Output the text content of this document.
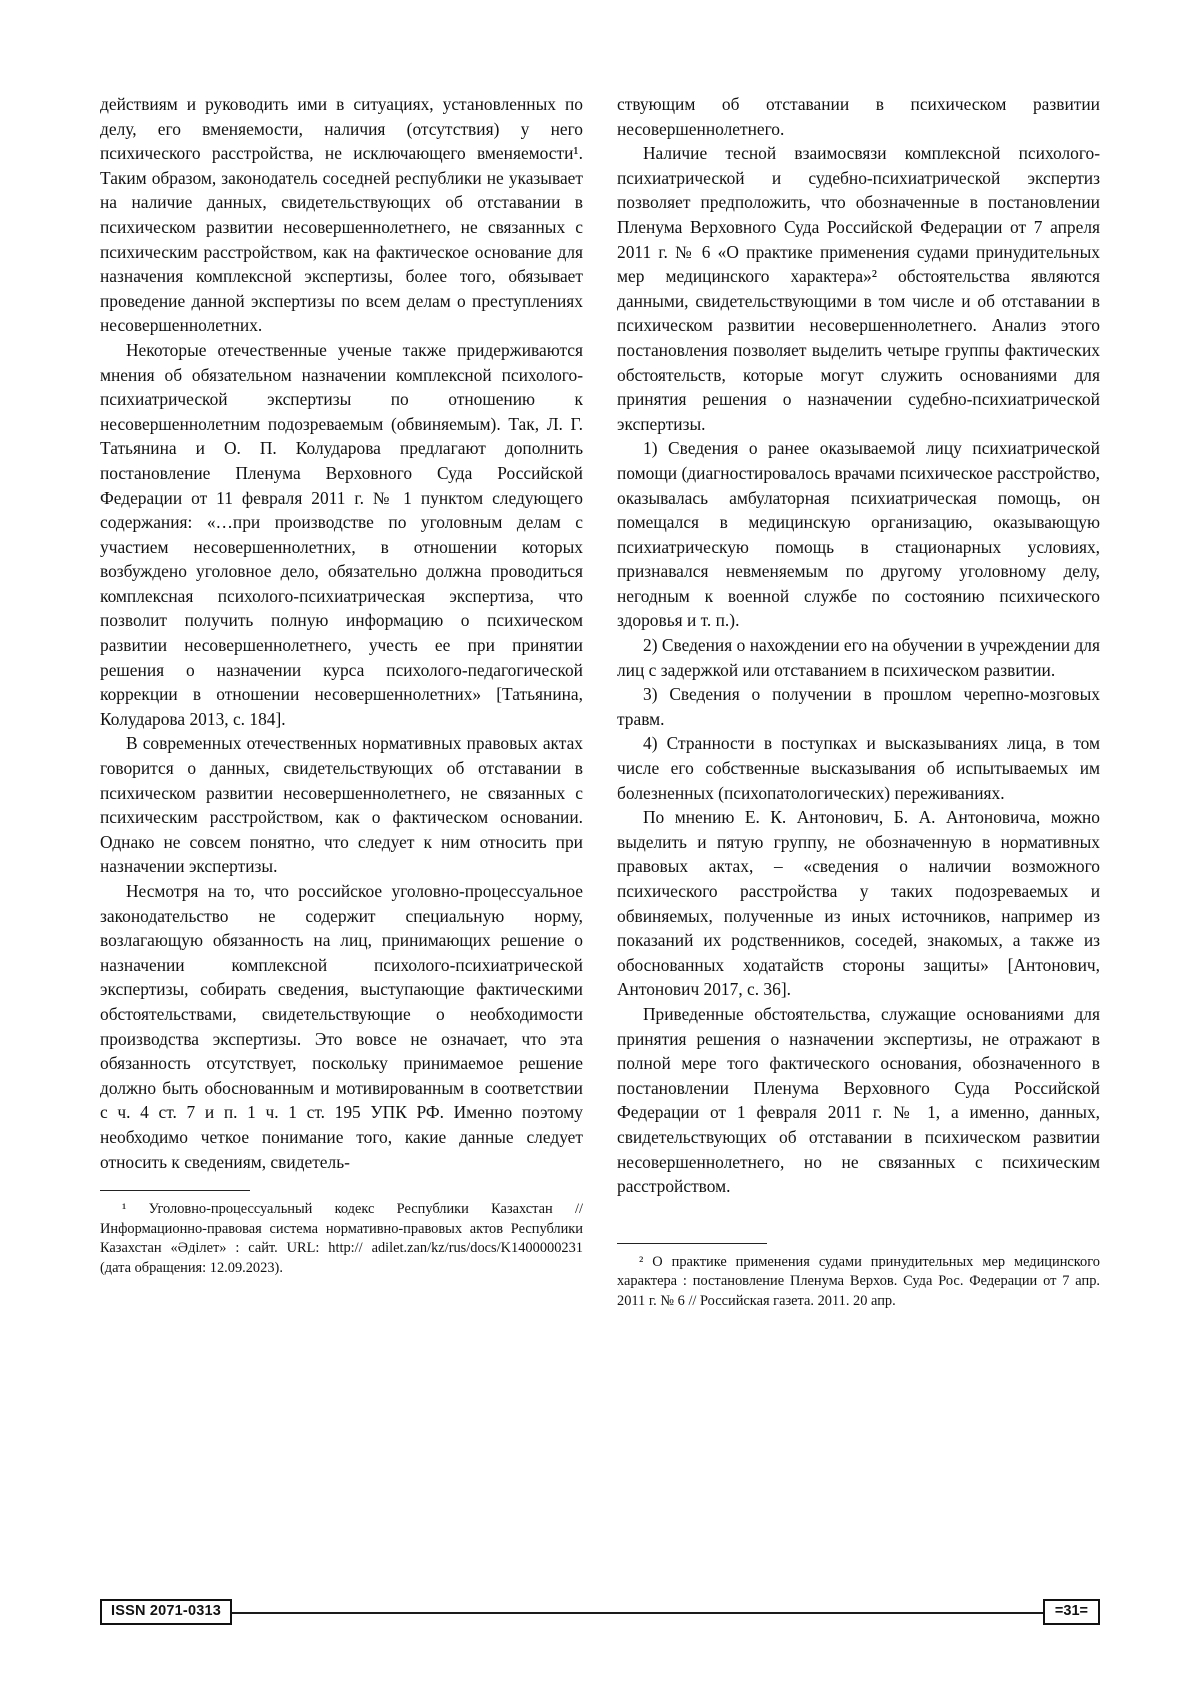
действиям и руководить ими в ситуациях, установленных по делу, его вменяемости, наличия (отсутствия) у него психического расстройства, не исключающего вменяемости¹. Таким образом, законодатель соседней республики не указывает на наличие данных, свидетельствующих об отставании в психическом развитии несовершеннолетнего, не связанных с психическим расстройством, как на фактическое основание для назначения комплексной экспертизы, более того, обязывает проведение данной экспертизы по всем делам о преступлениях несовершеннолетних.

Некоторые отечественные ученые также придерживаются мнения об обязательном назначении комплексной психолого-психиатрической экспертизы по отношению к несовершеннолетним подозреваемым (обвиняемым). Так, Л. Г. Татьянина и О. П. Колударова предлагают дополнить постановление Пленума Верховного Суда Российской Федерации от 11 февраля 2011 г. № 1 пунктом следующего содержания: «…при производстве по уголовным делам с участием несовершеннолетних, в отношении которых возбуждено уголовное дело, обязательно должна проводиться комплексная психолого-психиатрическая экспертиза, что позволит получить полную информацию о психическом развитии несовершеннолетнего, учесть ее при принятии решения о назначении курса психолого-педагогической коррекции в отношении несовершеннолетних» [Татьянина, Колударова 2013, с. 184].

В современных отечественных нормативных правовых актах говорится о данных, свидетельствующих об отставании в психическом развитии несовершеннолетнего, не связанных с психическим расстройством, как о фактическом основании. Однако не совсем понятно, что следует к ним относить при назначении экспертизы.

Несмотря на то, что российское уголовно-процессуальное законодательство не содержит специальную норму, возлагающую обязанность на лиц, принимающих решение о назначении комплексной психолого-психиатрической экспертизы, собирать сведения, выступающие фактическими обстоятельствами, свидетельствующие о необходимости производства экспертизы. Это вовсе не означает, что эта обязанность отсутствует, поскольку принимаемое решение должно быть обоснованным и мотивированным в соответствии с ч. 4 ст. 7 и п. 1 ч. 1 ст. 195 УПК РФ. Именно поэтому необходимо четкое понимание того, какие данные следует относить к сведениям, свидетель-

¹ Уголовно-процессуальный кодекс Республики Казахстан // Информационно-правовая система нормативно-правовых актов Республики Казахстан «Әділет» : сайт. URL: http:// adilet.zan/kz/rus/docs/K1400000231 (дата обращения: 12.09.2023).

ствующим об отставании в психическом развитии несовершеннолетнего.

Наличие тесной взаимосвязи комплексной психолого-психиатрической и судебно-психиатрической экспертиз позволяет предположить, что обозначенные в постановлении Пленума Верховного Суда Российской Федерации от 7 апреля 2011 г. № 6 «О практике применения судами принудительных мер медицинского характера»² обстоятельства являются данными, свидетельствующими в том числе и об отставании в психическом развитии несовершеннолетнего. Анализ этого постановления позволяет выделить четыре группы фактических обстоятельств, которые могут служить основаниями для принятия решения о назначении судебно-психиатрической экспертизы.

1) Сведения о ранее оказываемой лицу психиатрической помощи (диагностировалось врачами психическое расстройство, оказывалась амбулаторная психиатрическая помощь, он помещался в медицинскую организацию, оказывающую психиатрическую помощь в стационарных условиях, признавался невменяемым по другому уголовному делу, негодным к военной службе по состоянию психического здоровья и т. п.).

2) Сведения о нахождении его на обучении в учреждении для лиц с задержкой или отставанием в психическом развитии.

3) Сведения о получении в прошлом черепно-мозговых травм.

4) Странности в поступках и высказываниях лица, в том числе его собственные высказывания об испытываемых им болезненных (психопатологических) переживаниях.

По мнению Е. К. Антонович, Б. А. Антоновича, можно выделить и пятую группу, не обозначенную в нормативных правовых актах, – «сведения о наличии возможного психического расстройства у таких подозреваемых и обвиняемых, полученные из иных источников, например из показаний их родственников, соседей, знакомых, а также из обоснованных ходатайств стороны защиты» [Антонович, Антонович 2017, с. 36].

Приведенные обстоятельства, служащие основаниями для принятия решения о назначении экспертизы, не отражают в полной мере того фактического основания, обозначенного в постановлении Пленума Верховного Суда Российской Федерации от 1 февраля 2011 г. № 1, а именно, данных, свидетельствующих об отставании в психическом развитии несовершеннолетнего, но не связанных с психическим расстройством.

² О практике применения судами принудительных мер медицинского характера : постановление Пленума Верхов. Суда Рос. Федерации от 7 апр. 2011 г. № 6 // Российская газета. 2011. 20 апр.

ISSN 2071-0313	=31=
